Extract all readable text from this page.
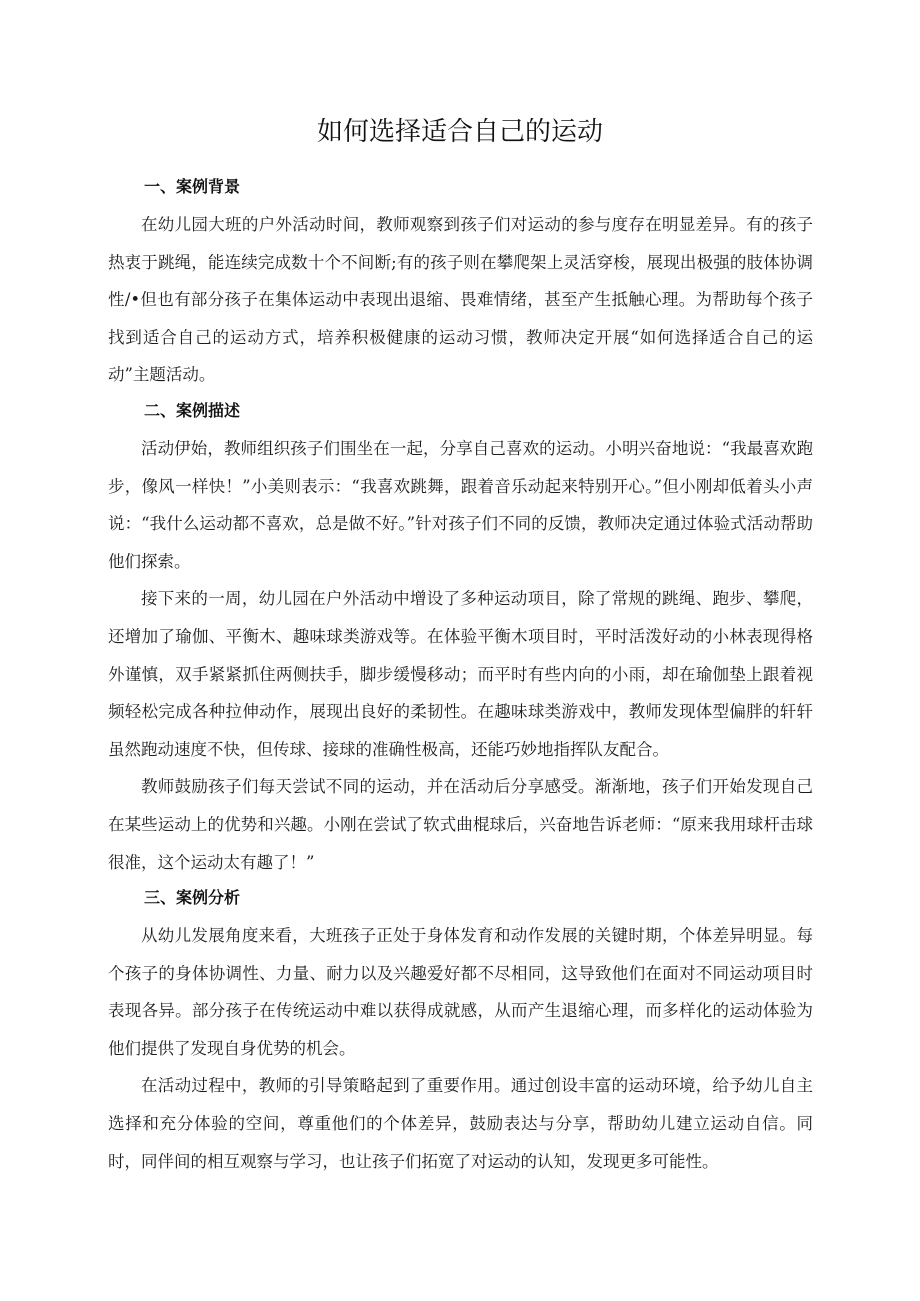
如何选择适合自己的运动
一、案例背景

在幼儿园大班的户外活动时间，教师观察到孩子们对运动的参与度存在明显差异。有的孩子热衷于跳绳，能连续完成数十个不间断;有的孩子则在攀爬架上灵活穿梭，展现出极强的肢体协调性/•但也有部分孩子在集体运动中表现出退缩、畏难情绪，甚至产生抵触心理。为帮助每个孩子找到适合自己的运动方式，培养积极健康的运动习惯，教师决定开展“如何选择适合自己的运动”主题活动。

二、案例描述

活动伊始，教师组织孩子们围坐在一起，分享自己喜欢的运动。小明兴奋地说：“我最喜欢跑步，像风一样快！”小美则表示：“我喜欢跳舞，跟着音乐动起来特别开心。”但小刚却低着头小声说：“我什么运动都不喜欢，总是做不好。”针对孩子们不同的反馈，教师决定通过体验式活动帮助他们探索。

接下来的一周，幼儿园在户外活动中增设了多种运动项目，除了常规的跳绳、跑步、攀爬，还增加了瑜伽、平衡木、趣味球类游戏等。在体验平衡木项目时，平时活泼好动的小林表现得格外谨慎，双手紧紧抓住两侧扶手，脚步缓慢移动；而平时有些内向的小雨，却在瑜伽垫上跟着视频轻松完成各种拉伸动作，展现出良好的柔韧性。在趣味球类游戏中，教师发现体型偏胖的轩轩虽然跑动速度不快，但传球、接球的准确性极高，还能巧妙地指挥队友配合。

教师鼓励孩子们每天尝试不同的运动，并在活动后分享感受。渐渐地，孩子们开始发现自己在某些运动上的优势和兴趣。小刚在尝试了软式曲棍球后，兴奋地告诉老师：“原来我用球杆击球很准，这个运动太有趣了！”

三、案例分析

从幼儿发展角度来看，大班孩子正处于身体发育和动作发展的关键时期，个体差异明显。每个孩子的身体协调性、力量、耐力以及兴趣爱好都不尽相同，这导致他们在面对不同运动项目时表现各异。部分孩子在传统运动中难以获得成就感，从而产生退缩心理，而多样化的运动体验为他们提供了发现自身优势的机会。

在活动过程中，教师的引导策略起到了重要作用。通过创设丰富的运动环境，给予幼儿自主选择和充分体验的空间，尊重他们的个体差异，鼓励表达与分享，帮助幼儿建立运动自信。同时，同伴间的相互观察与学习，也让孩子们拓宽了对运动的认知，发现更多可能性。
